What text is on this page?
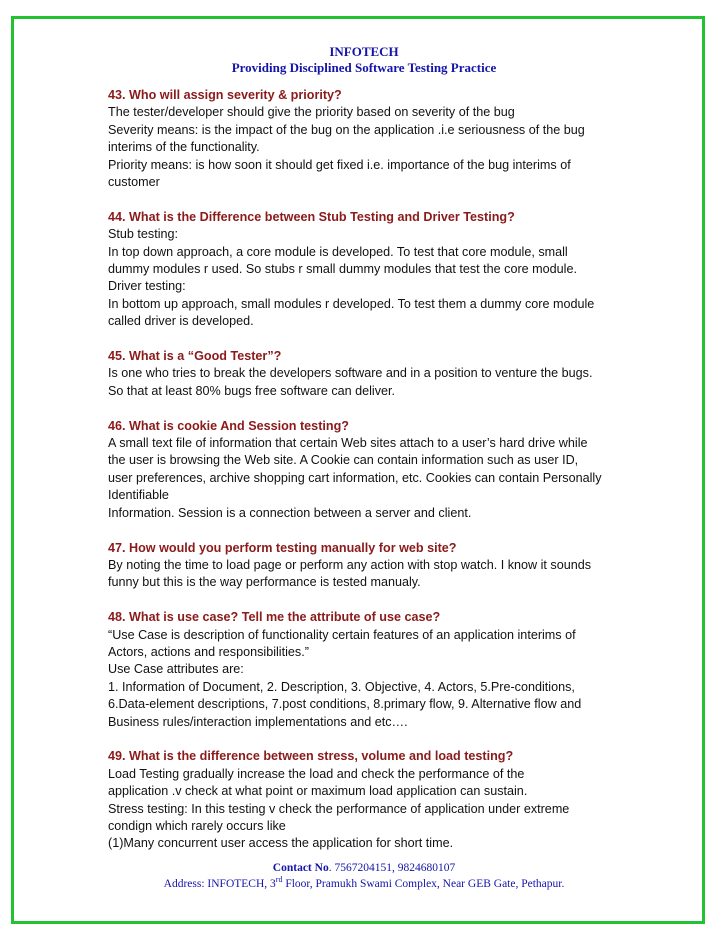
INFOTECH
Providing Disciplined Software Testing Practice
43. Who will assign severity & priority?
The tester/developer should give the priority based on severity of the bug
Severity means: is the impact of the bug on the application .i.e seriousness of the bug
interims of the functionality.
Priority means: is how soon it should get fixed i.e. importance of the bug interims of
customer
44. What is the Difference between Stub Testing and Driver Testing?
Stub testing:
In top down approach, a core module is developed. To test that core module, small
dummy modules r used. So stubs r small dummy modules that test the core module.
Driver testing:
In bottom up approach, small modules r developed. To test them a dummy core module
called driver is developed.
45. What is a “Good Tester”?
Is one who tries to break the developers software and in a position to venture the bugs.
So that at least 80% bugs free software can deliver.
46. What is cookie And Session testing?
A small text file of information that certain Web sites attach to a user’s hard drive while
the user is browsing the Web site. A Cookie can contain information such as user ID,
user preferences, archive shopping cart information, etc. Cookies can contain Personally
Identifiable
Information. Session is a connection between a server and client.
47. How would you perform testing manually for web site?
By noting the time to load page or perform any action with stop watch. I know it sounds
funny but this is the way performance is tested manualy.
48. What is use case? Tell me the attribute of use case?
“Use Case is description of functionality certain features of an application interims of
Actors, actions and responsibilities.”
Use Case attributes are:
1. Information of Document, 2. Description, 3. Objective, 4. Actors, 5.Pre-conditions,
6.Data-element descriptions, 7.post conditions, 8.primary flow, 9. Alternative flow and
Business rules/interaction implementations and etc….
49. What is the difference between stress, volume and load testing?
Load Testing gradually increase the load and check the performance of the
application .v check at what point or maximum load application can sustain.
Stress testing: In this testing v check the performance of application under extreme
condign which rarely occurs like
(1)Many concurrent user access the application for short time.
Contact No. 7567204151, 9824680107
Address: INFOTECH, 3rd Floor, Pramukh Swami Complex, Near GEB Gate, Pethapur.
